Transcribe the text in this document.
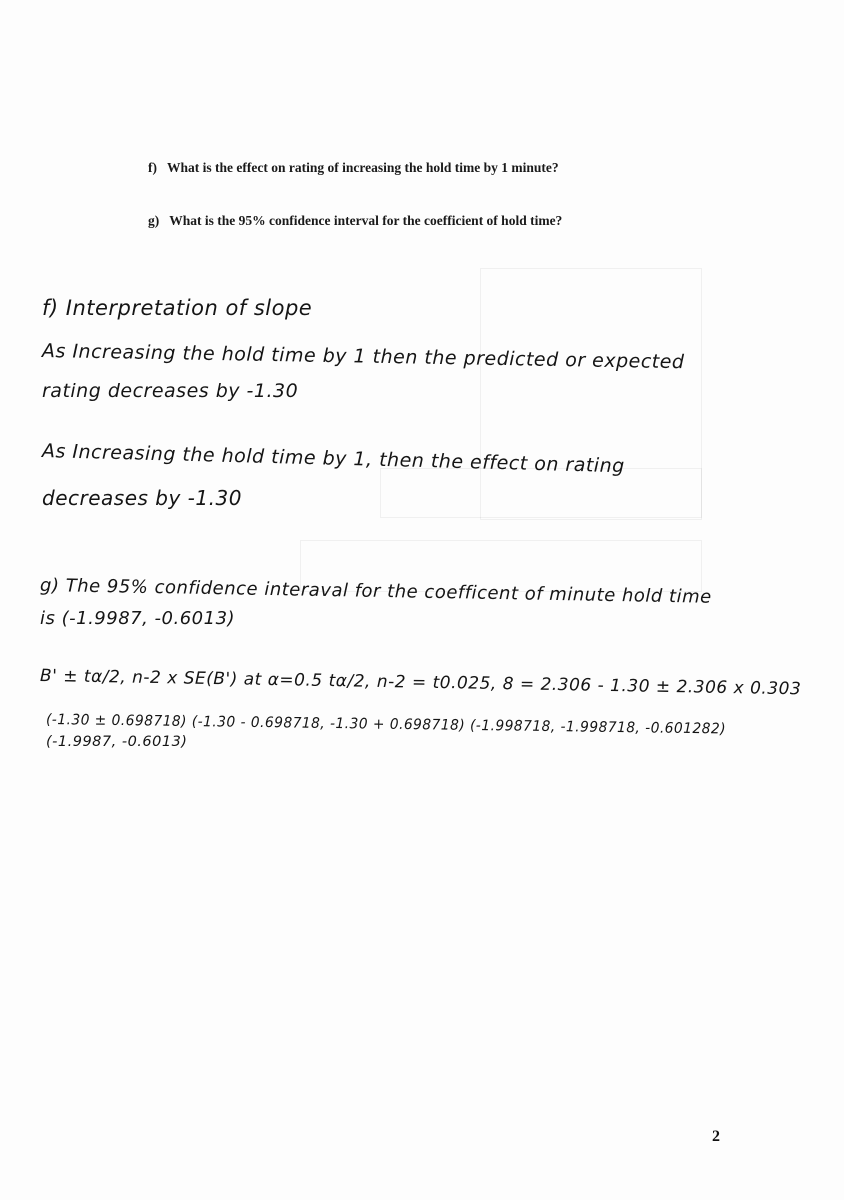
f) What is the effect on rating of increasing the hold time by 1 minute?
g) What is the 95% confidence interval for the coefficient of hold time?
f) Interpretation of slope
As Increasing the hold time by 1 then the predicted or expected
rating decreases by -1.30
As Increasing the hold time by 1, then the effect on rating
decreases by -1.30
g) The 95% confidence interaval for the coefficent of minute hold time
is (-1.9987, -0.6013)
B' ± tα/2, n-2 x SE(B') at α=0.5 tα/2, n-2 = t0.025, 8 = 2.306 - 1.30 ± 2.306 x 0.303
(-1.30 ± 0.698718) (-1.30 - 0.698718, -1.30 + 0.698718) (-1.998718, -1.998718, -0.601282)
(-1.9987, -0.6013)
2
